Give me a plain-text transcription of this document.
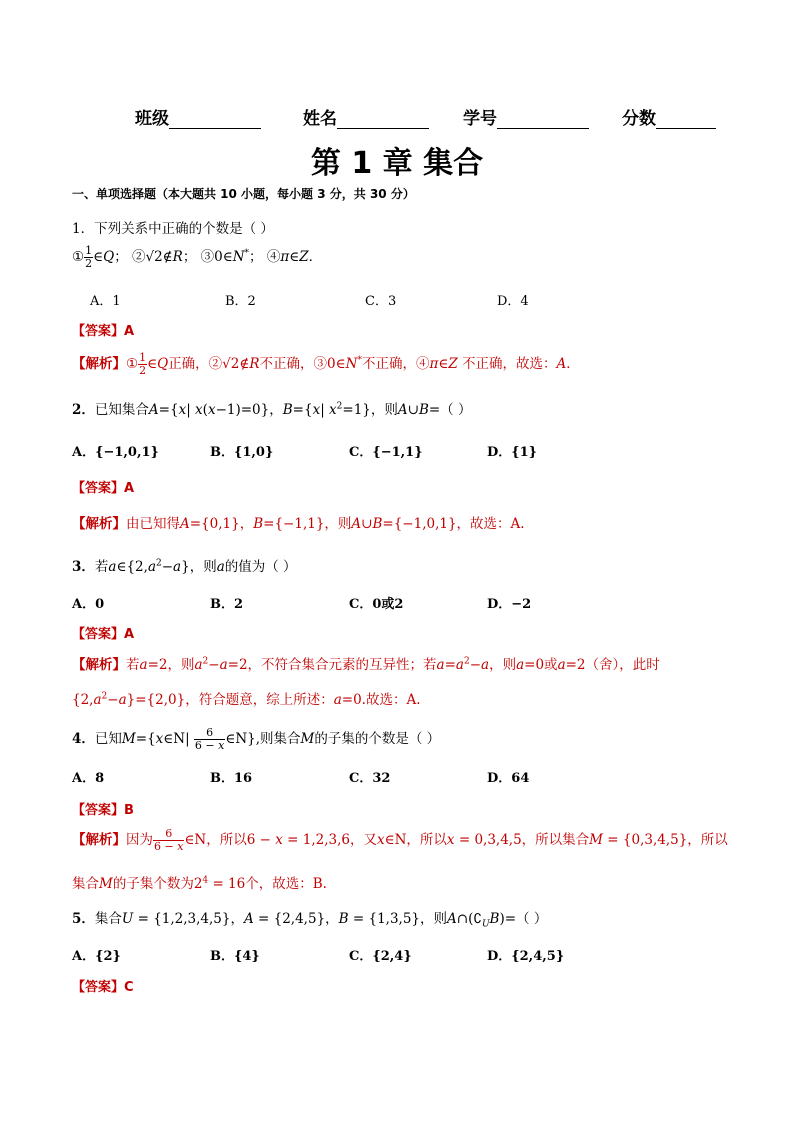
班级	姓名	学号	分数
第 1 章 集合
一、单项选择题（本大题共 10 小题，每小题 3 分，共 30 分）
1．下列关系中正确的个数是（ ）
① $\frac{1}{2}$ ∈Q； ②√2∉R； ③0∈N*； ④π∈Z．
A．1	B．2	C．3	D．4
【答案】A
【解析】① $\frac{1}{2}$ ∈Q正确，②√2∉R不正确，③0∈N*不正确，④π∈Z 不正确，故选：A．
2．已知集合A={x| x(x−1)=0}，B={x| $x^2=1$}，则A∪B=（ ）
A．{−1,0,1}	B．{1,0}	C．{−1,1}	D．{1}
【答案】A
【解析】由已知得A={0,1}，B={−1,1}，则A∪B={−1,0,1}，故选：A.
3．若$a\in\{2,a^2-a\}$，则a的值为（ ）
A．0	B．2	C．0或2	D．−2
【答案】A
【解析】若a=2，则$a^2-a=2$，不符合集合元素的互异性；若$a=a^2-a$，则a=0或a=2（舍），此时
$\{2,a^2-a\}=\{2,0\}$，符合题意，综上所述：a=0.故选：A.
4．已知M={x∈N| $\frac{6}{6 - x}$ ∈N},则集合M的子集的个数是（ ）
A．8	B．16	C．32	D．64
【答案】B
【解析】因为 $\frac{6}{6 - x}$ ∈N，所以6 − x = 1,2,3,6，又x∈N，所以x = 0,3,4,5，所以集合M = {0,3,4,5}，所以
集合M的子集个数为$2^4 = 16$个，故选：B.
5．集合U = {1,2,3,4,5}，A = {2,4,5}，B = {1,3,5}，则$A\cap(∁_UB)=$（ ）
A．{2}	B．{4}	C．{2,4}	D．{2,4,5}
【答案】C
